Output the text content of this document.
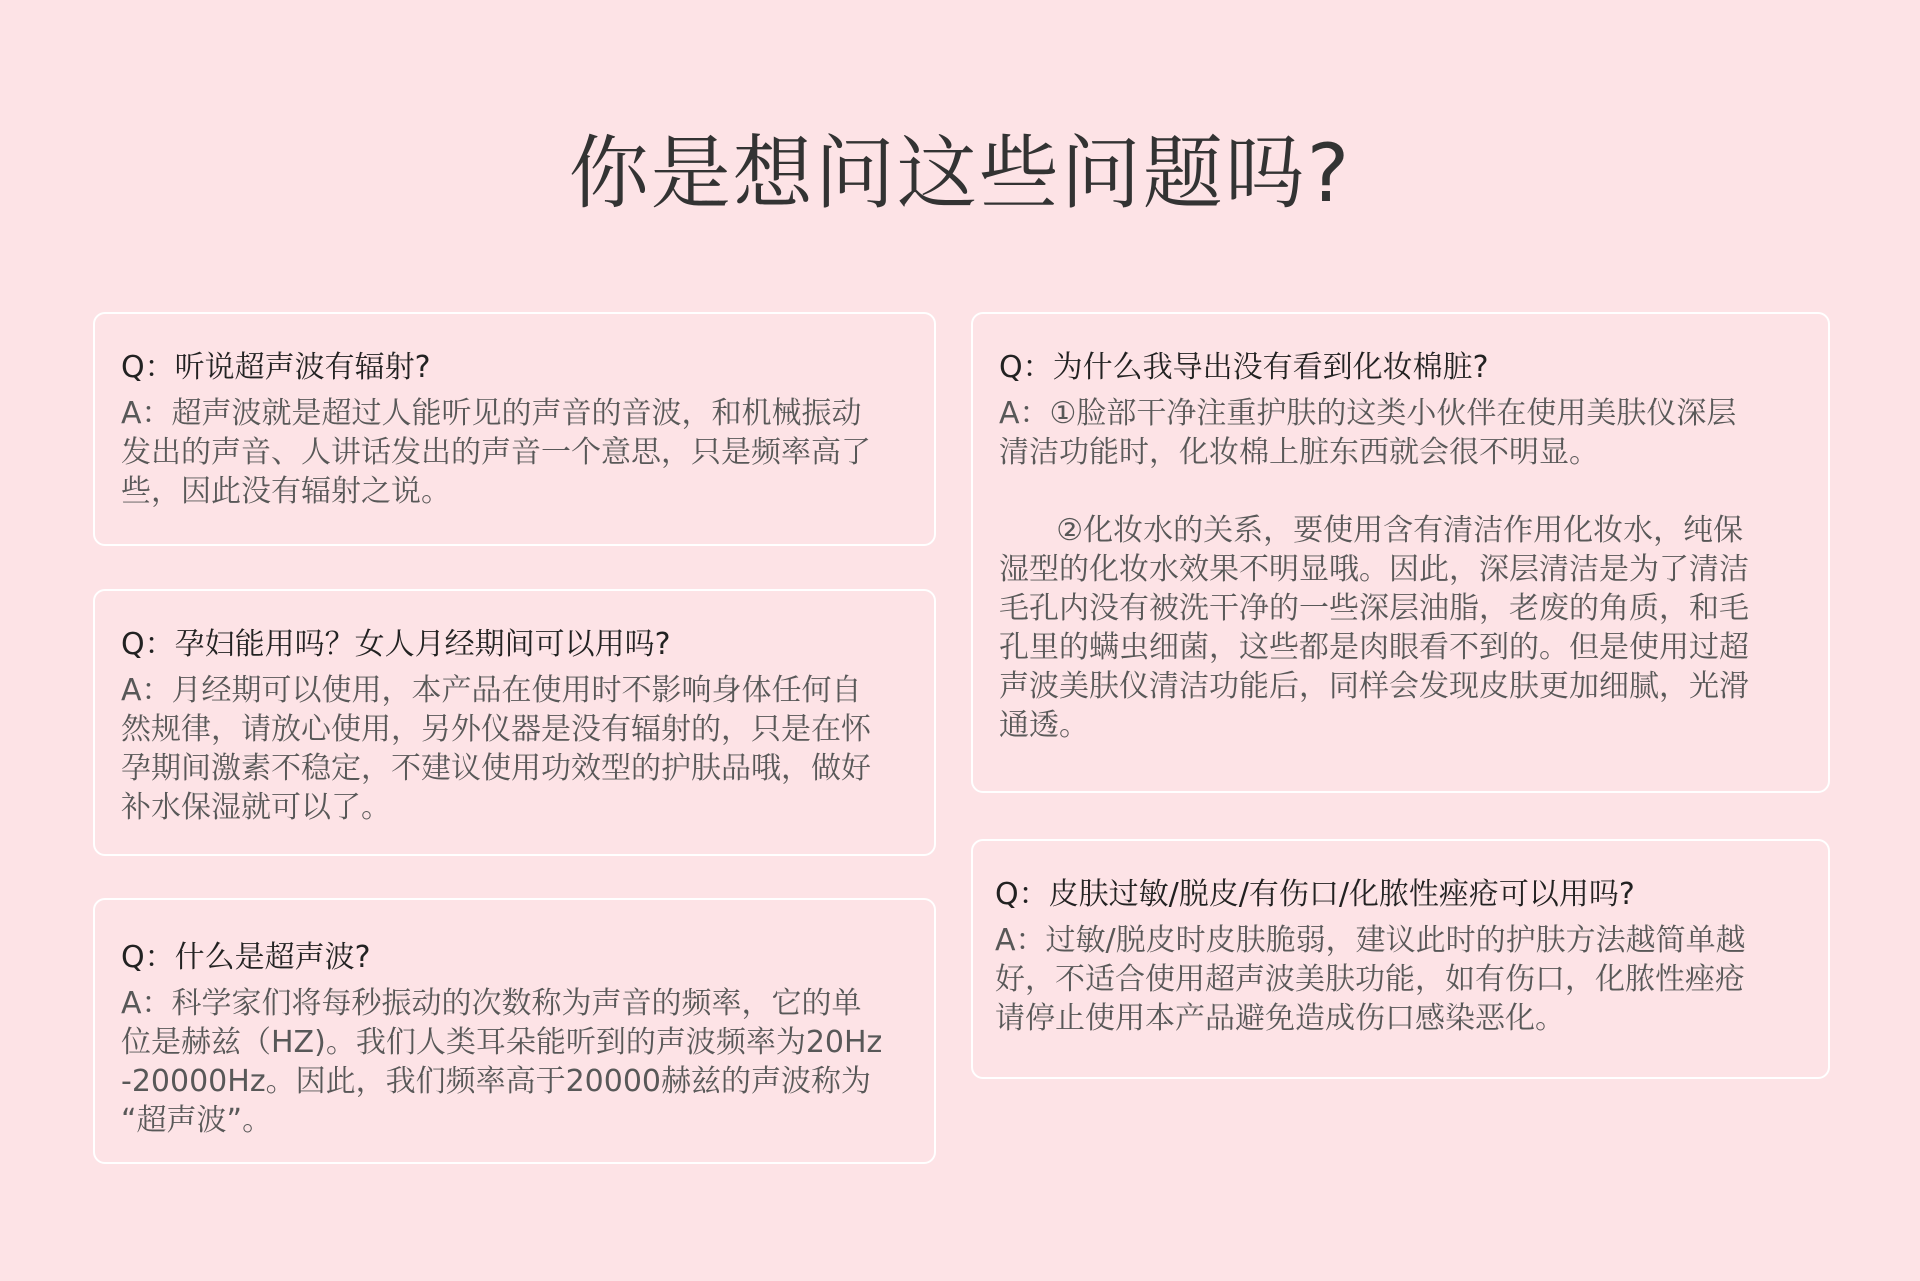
你是想问这些问题吗?

Q：听说超声波有辐射?

A：超声波就是超过人能听见的声音的音波，和机械振动
发出的声音、人讲话发出的声音一个意思，只是频率高了
些，因此没有辐射之说。

Q：孕妇能用吗？女人月经期间可以用吗?

A：月经期可以使用，本产品在使用时不影响身体任何自
然规律，请放心使用，另外仪器是没有辐射的，只是在怀
孕期间激素不稳定，不建议使用功效型的护肤品哦，做好
补水保湿就可以了。

Q：什么是超声波?

A：科学家们将每秒振动的次数称为声音的频率，它的单
位是赫兹（HZ)。我们人类耳朵能听到的声波频率为20Hz
-20000Hz。因此，我们频率高于20000赫兹的声波称为
“超声波”。

Q：为什么我导出没有看到化妆棉脏?

A：①脸部干净注重护肤的这类小伙伴在使用美肤仪深层
清洁功能时，化妆棉上脏东西就会很不明显。

②化妆水的关系，要使用含有清洁作用化妆水，纯保
湿型的化妆水效果不明显哦。因此，深层清洁是为了清洁
毛孔内没有被洗干净的一些深层油脂，老废的角质，和毛
孔里的螨虫细菌，这些都是肉眼看不到的。但是使用过超
声波美肤仪清洁功能后，同样会发现皮肤更加细腻，光滑
通透。

Q：皮肤过敏/脱皮/有伤口/化脓性痤疮可以用吗?

A：过敏/脱皮时皮肤脆弱，建议此时的护肤方法越简单越
好，不适合使用超声波美肤功能，如有伤口，化脓性痤疮
请停止使用本产品避免造成伤口感染恶化。
